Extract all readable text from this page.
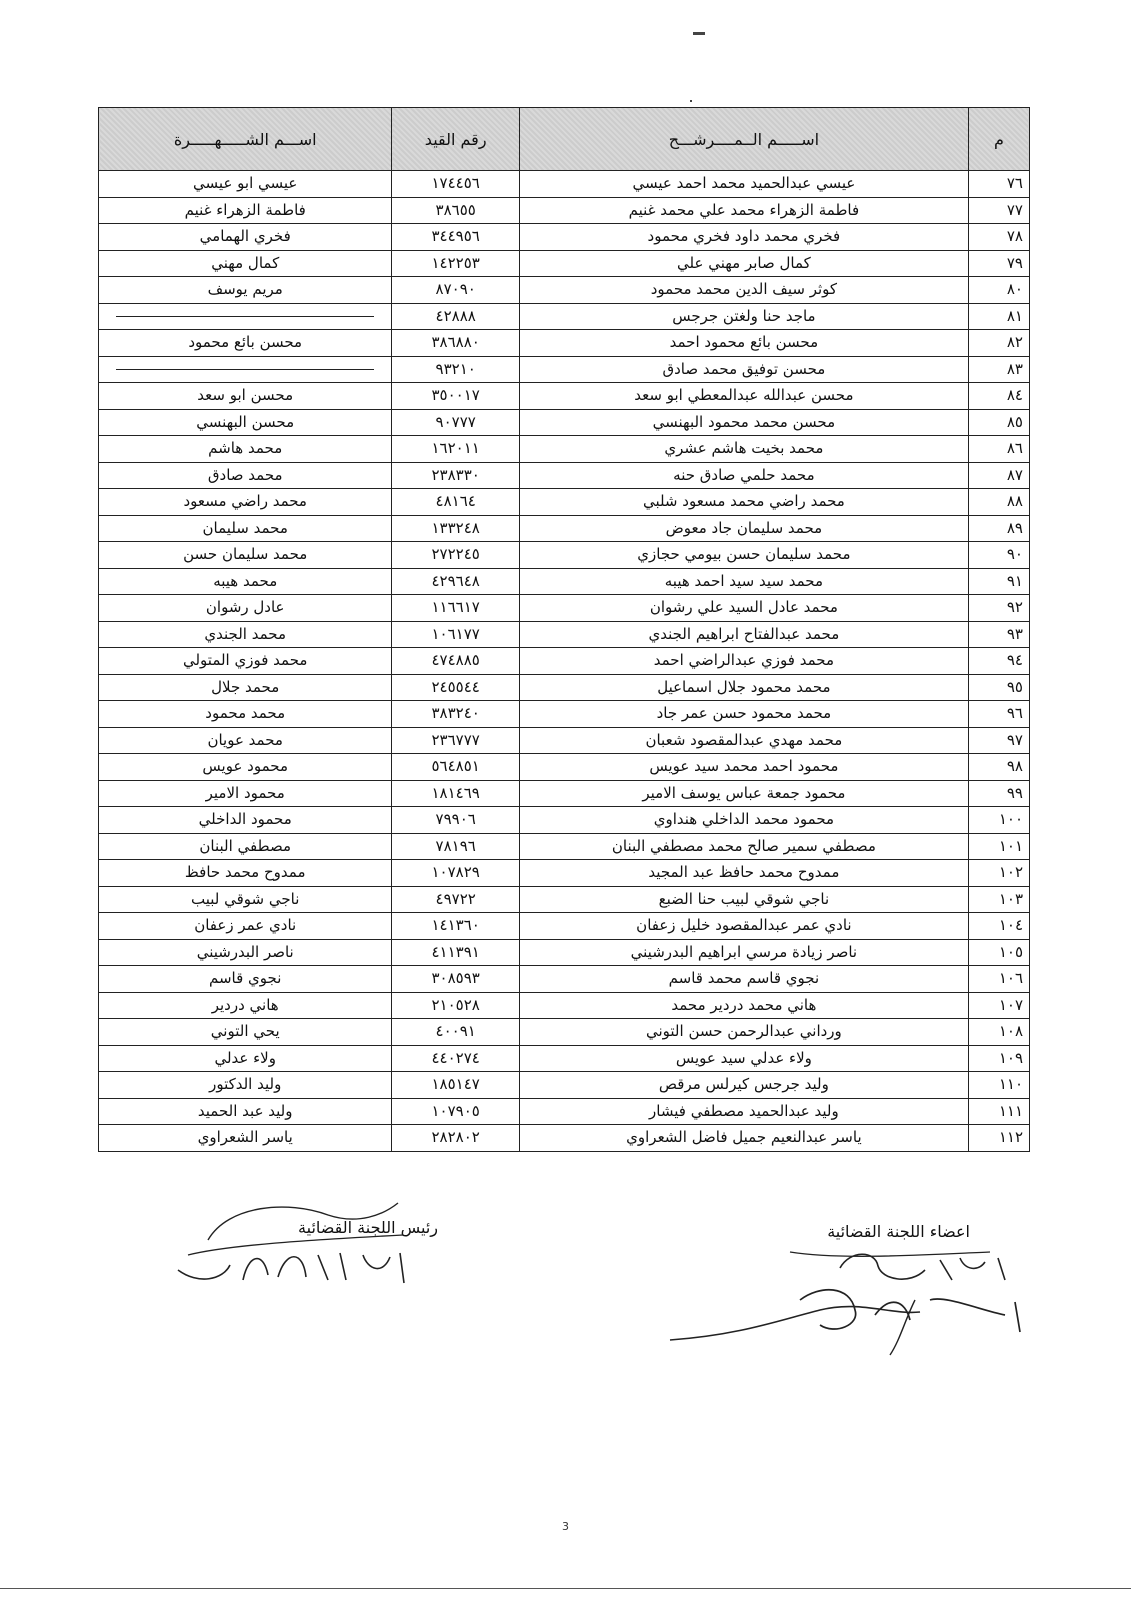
م	اســـــم الــمــــرشـــح	رقم القيد	اســـم الشـــــهـــــرة
٧٦	عيسي عبدالحميد محمد احمد عيسي	١٧٤٤٥٦	عيسي ابو عيسي
٧٧	فاطمة الزهراء محمد علي محمد غنيم	٣٨٦٥٥	فاطمة الزهراء غنيم
٧٨	فخري محمد داود فخري محمود	٣٤٤٩٥٦	فخري الهمامي
٧٩	كمال صابر مهني علي	١٤٢٢٥٣	كمال مهني
٨٠	كوثر سيف الدين محمد محمود	٨٧٠٩٠	مريم يوسف
٨١	ماجد حنا ولغتن جرجس	٤٢٨٨٨	
٨٢	محسن بائع محمود احمد	٣٨٦٨٨٠	محسن بائع محمود
٨٣	محسن توفيق محمد صادق	٩٣٢١٠	
٨٤	محسن عبدالله عبدالمعطي ابو سعد	٣٥٠٠١٧	محسن ابو سعد
٨٥	محسن محمد محمود البهنسي	٩٠٧٧٧	محسن البهنسي
٨٦	محمد بخيت هاشم عشري	١٦٢٠١١	محمد هاشم
٨٧	محمد حلمي صادق حنه	٢٣٨٣٣٠	محمد صادق
٨٨	محمد راضي محمد مسعود شلبي	٤٨١٦٤	محمد راضي مسعود
٨٩	محمد سليمان جاد معوض	١٣٣٢٤٨	محمد سليمان
٩٠	محمد سليمان حسن بيومي حجازي	٢٧٢٢٤٥	محمد سليمان حسن
٩١	محمد سيد سيد احمد هيبه	٤٢٩٦٤٨	محمد هيبه
٩٢	محمد عادل السيد علي رشوان	١١٦٦١٧	عادل رشوان
٩٣	محمد عبدالفتاح ابراهيم الجندي	١٠٦١٧٧	محمد الجندي
٩٤	محمد فوزي عبدالراضي احمد	٤٧٤٨٨٥	محمد فوزي المتولي
٩٥	محمد محمود جلال اسماعيل	٢٤٥٥٤٤	محمد جلال
٩٦	محمد محمود حسن عمر جاد	٣٨٣٢٤٠	محمد محمود
٩٧	محمد مهدي عبدالمقصود شعبان	٢٣٦٧٧٧	محمد عويان
٩٨	محمود احمد محمد سيد عويس	٥٦٤٨٥١	محمود عويس
٩٩	محمود جمعة عباس يوسف الامير	١٨١٤٦٩	محمود الامير
١٠٠	محمود محمد الداخلي هنداوي	٧٩٩٠٦	محمود الداخلي
١٠١	مصطفي سمير صالح محمد مصطفي البنان	٧٨١٩٦	مصطفي البنان
١٠٢	ممدوح محمد حافظ عبد المجيد	١٠٧٨٢٩	ممدوح محمد حافظ
١٠٣	ناجي شوقي لبيب حنا الضبع	٤٩٧٢٢	ناجي شوقي لبيب
١٠٤	نادي عمر عبدالمقصود خليل زعفان	١٤١٣٦٠	نادي عمر زعفان
١٠٥	ناصر زيادة مرسي ابراهيم البدرشيني	٤١١٣٩١	ناصر البدرشيني
١٠٦	نجوي قاسم محمد قاسم	٣٠٨٥٩٣	نجوي قاسم
١٠٧	هاني محمد دردير محمد	٢١٠٥٢٨	هاني دردير
١٠٨	ورداني عبدالرحمن حسن التوني	٤٠٠٩١	يحي التوني
١٠٩	ولاء عدلي سيد عويس	٤٤٠٢٧٤	ولاء عدلي
١١٠	وليد جرجس كيرلس مرقص	١٨٥١٤٧	وليد الدكتور
١١١	وليد عبدالحميد مصطفي فيشار	١٠٧٩٠٥	وليد عبد الحميد
١١٢	ياسر عبدالنعيم جميل فاضل الشعراوي	٢٨٢٨٠٢	ياسر الشعراوي
رئيس اللجنة القضائية	اعضاء اللجنة القضائية
3
